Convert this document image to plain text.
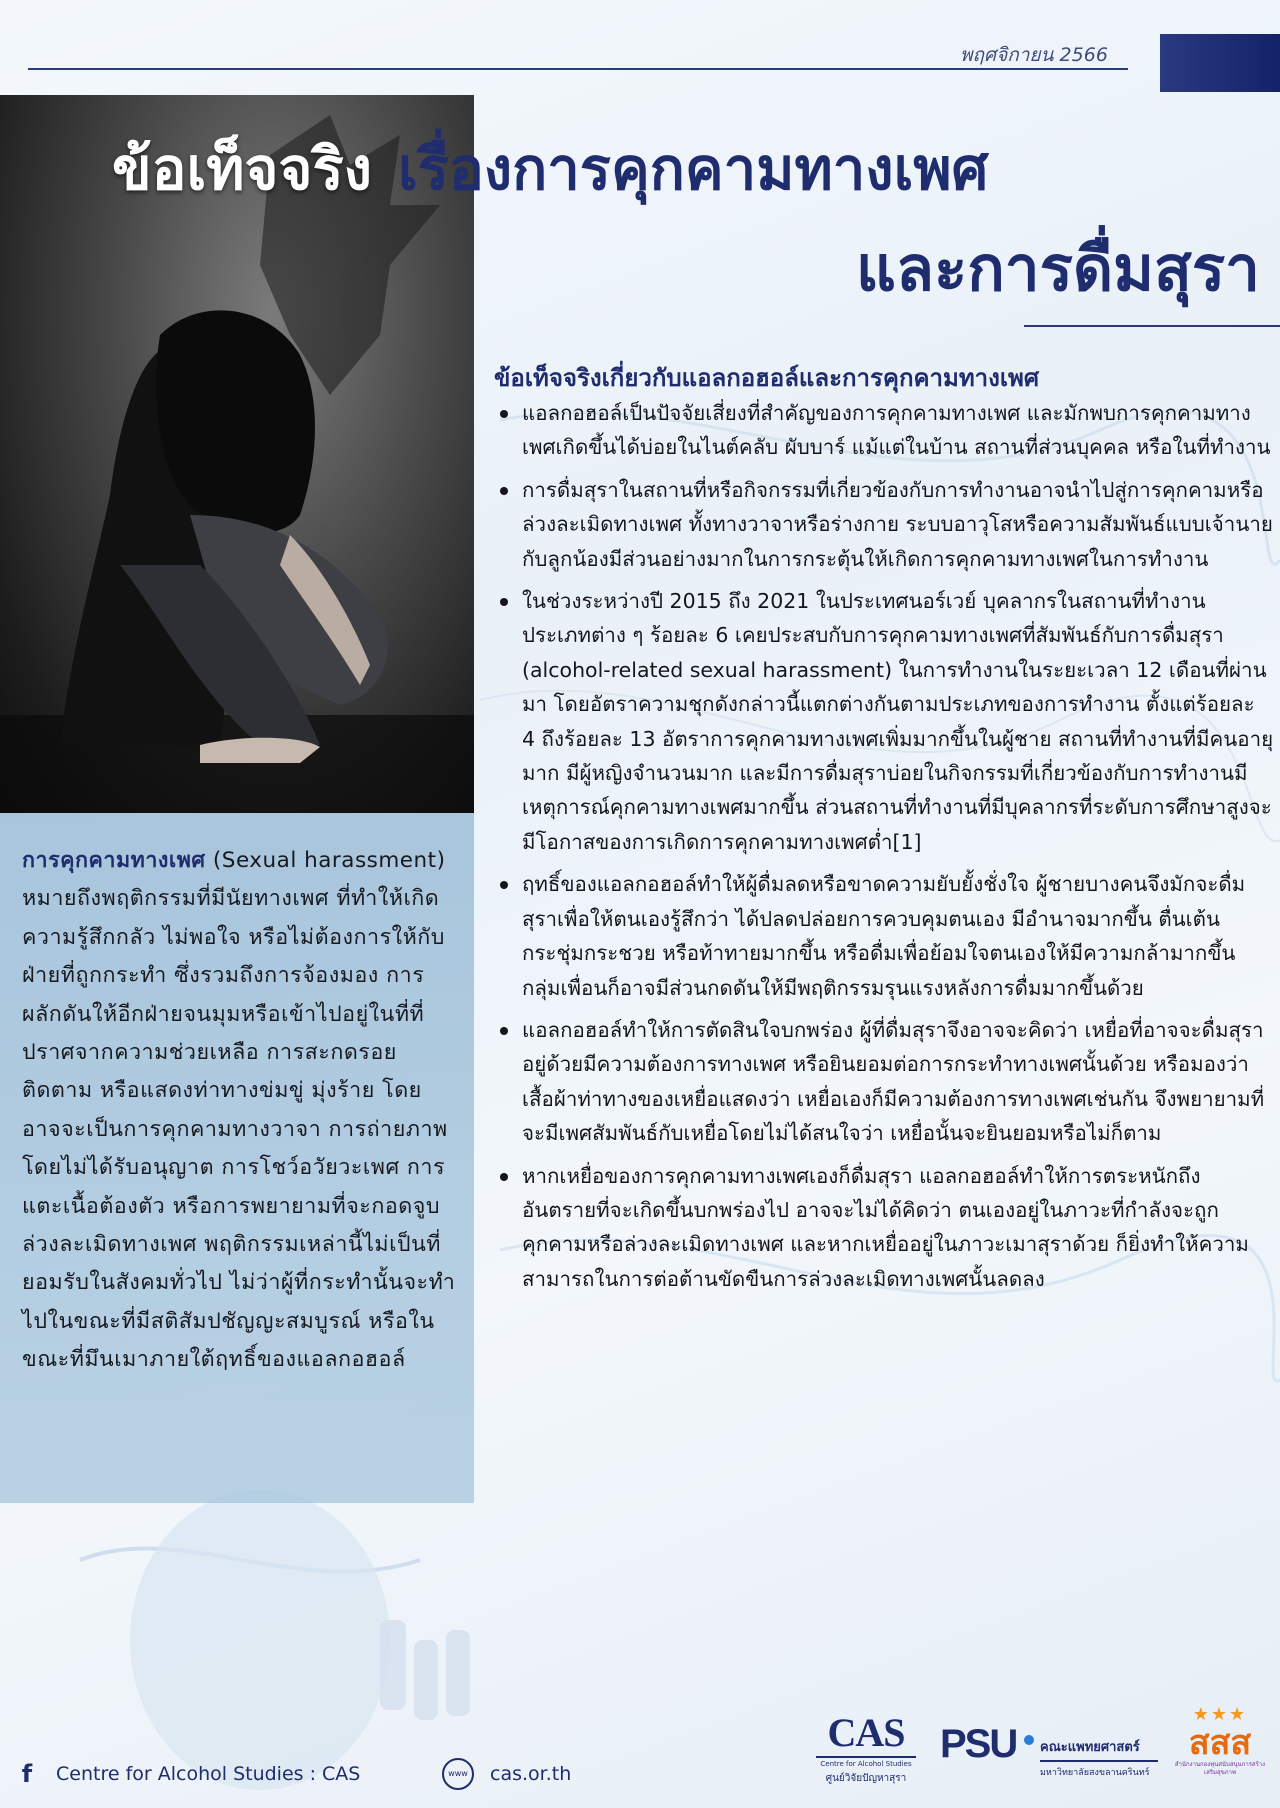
พฤศจิกายน 2566
ข้อเท็จจริง เรื่องการคุกคามทางเพศ
และการดื่มสุรา
การคุกคามทางเพศ (Sexual harassment) หมายถึงพฤติกรรมที่มีนัยทางเพศ ที่ทำให้เกิดความรู้สึกกลัว ไม่พอใจ หรือไม่ต้องการให้กับฝ่ายที่ถูกกระทำ ซึ่งรวมถึงการจ้องมอง การผลักดันให้อีกฝ่ายจนมุมหรือเข้าไปอยู่ในที่ที่ปราศจากความช่วยเหลือ การสะกดรอยติดตาม หรือแสดงท่าทางข่มขู่ มุ่งร้าย โดยอาจจะเป็นการคุกคามทางวาจา การถ่ายภาพโดยไม่ได้รับอนุญาต การโชว์อวัยวะเพศ การแตะเนื้อต้องตัว หรือการพยายามที่จะกอดจูบ ล่วงละเมิดทางเพศ พฤติกรรมเหล่านี้ไม่เป็นที่ยอมรับในสังคมทั่วไป ไม่ว่าผู้ที่กระทำนั้นจะทำไปในขณะที่มีสติสัมปชัญญะสมบูรณ์ หรือในขณะที่มึนเมาภายใต้ฤทธิ์ของแอลกอฮอล์
ข้อเท็จจริงเกี่ยวกับแอลกอฮอล์และการคุกคามทางเพศ
แอลกอฮอล์เป็นปัจจัยเสี่ยงที่สำคัญของการคุกคามทางเพศ และมักพบการคุกคามทางเพศเกิดขึ้นได้บ่อยในไนต์คลับ ผับบาร์ แม้แต่ในบ้าน สถานที่ส่วนบุคคล หรือในที่ทำงาน
การดื่มสุราในสถานที่หรือกิจกรรมที่เกี่ยวข้องกับการทำงานอาจนำไปสู่การคุกคามหรือล่วงละเมิดทางเพศ ทั้งทางวาจาหรือร่างกาย ระบบอาวุโสหรือความสัมพันธ์แบบเจ้านายกับลูกน้องมีส่วนอย่างมากในการกระตุ้นให้เกิดการคุกคามทางเพศในการทำงาน
ในช่วงระหว่างปี 2015 ถึง 2021 ในประเทศนอร์เวย์ บุคลากรในสถานที่ทำงานประเภทต่าง ๆ ร้อยละ 6 เคยประสบกับการคุกคามทางเพศที่สัมพันธ์กับการดื่มสุรา (alcohol-related sexual harassment) ในการทำงานในระยะเวลา 12 เดือนที่ผ่านมา โดยอัตราความชุกดังกล่าวนี้แตกต่างกันตามประเภทของการทำงาน ตั้งแต่ร้อยละ 4 ถึงร้อยละ 13 อัตราการคุกคามทางเพศเพิ่มมากขึ้นในผู้ชาย สถานที่ทำงานที่มีคนอายุมาก มีผู้หญิงจำนวนมาก และมีการดื่มสุราบ่อยในกิจกรรมที่เกี่ยวข้องกับการทำงานมีเหตุการณ์คุกคามทางเพศมากขึ้น ส่วนสถานที่ทำงานที่มีบุคลากรที่ระดับการศึกษาสูงจะมีโอกาสของการเกิดการคุกคามทางเพศต่ำ[1]
ฤทธิ์ของแอลกอฮอล์ทำให้ผู้ดื่มลดหรือขาดความยับยั้งชั่งใจ ผู้ชายบางคนจึงมักจะดื่มสุราเพื่อให้ตนเองรู้สึกว่า ได้ปลดปล่อยการควบคุมตนเอง มีอำนาจมากขึ้น ตื่นเต้นกระชุ่มกระชวย หรือท้าทายมากขึ้น หรือดื่มเพื่อย้อมใจตนเองให้มีความกล้ามากขึ้น กลุ่มเพื่อนก็อาจมีส่วนกดดันให้มีพฤติกรรมรุนแรงหลังการดื่มมากขึ้นด้วย
แอลกอฮอล์ทำให้การตัดสินใจบกพร่อง ผู้ที่ดื่มสุราจึงอาจจะคิดว่า เหยื่อที่อาจจะดื่มสุราอยู่ด้วยมีความต้องการทางเพศ หรือยินยอมต่อการกระทำทางเพศนั้นด้วย หรือมองว่า เสื้อผ้าท่าทางของเหยื่อแสดงว่า เหยื่อเองก็มีความต้องการทางเพศเช่นกัน จึงพยายามที่จะมีเพศสัมพันธ์กับเหยื่อโดยไม่ได้สนใจว่า เหยื่อนั้นจะยินยอมหรือไม่ก็ตาม
หากเหยื่อของการคุกคามทางเพศเองก็ดื่มสุรา แอลกอฮอล์ทำให้การตระหนักถึงอันตรายที่จะเกิดขึ้นบกพร่องไป อาจจะไม่ได้คิดว่า ตนเองอยู่ในภาวะที่กำลังจะถูกคุกคามหรือล่วงละเมิดทางเพศ และหากเหยื่ออยู่ในภาวะเมาสุราด้วย ก็ยิ่งทำให้ความสามารถในการต่อต้านขัดขืนการล่วงละเมิดทางเพศนั้นลดลง
f	Centre for Alcohol Studies : CAS	www	cas.or.th
CAS
Centre for Alcohol Studies
ศูนย์วิจัยปัญหาสุรา
PSU คณะแพทยศาสตร์
มหาวิทยาลัยสงขลานครินทร์
★★★
สสส
สำนักงานกองทุนสนับสนุนการสร้างเสริมสุขภาพ
